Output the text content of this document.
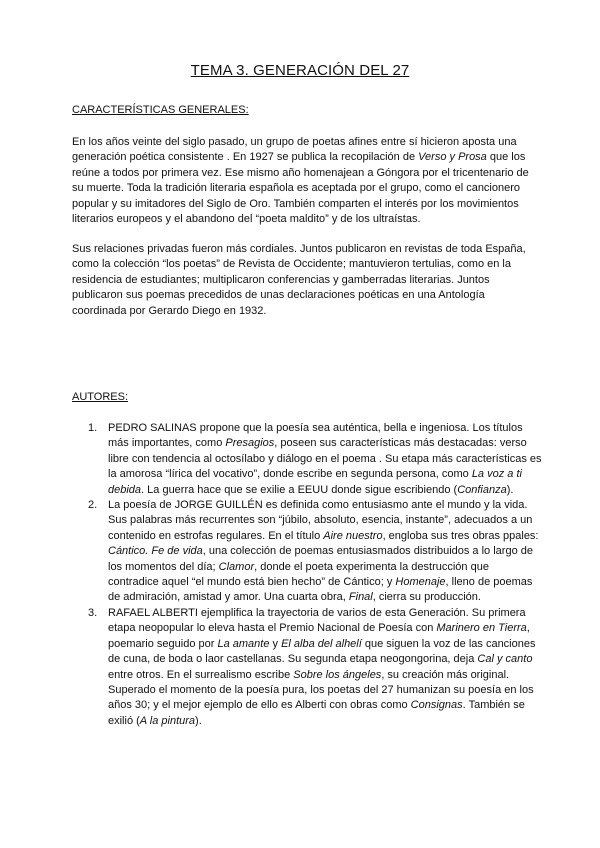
TEMA 3. GENERACIÓN DEL 27
CARACTERÍSTICAS GENERALES:

En los años veinte del siglo pasado, un grupo de poetas afines entre sí hicieron aposta una generación poética consistente . En 1927 se publica la recopilación de Verso y Prosa que los reúne a todos por primera vez. Ese mismo año homenajean a Góngora por el tricentenario de su muerte. Toda la tradición literaria española es aceptada por el grupo, como el cancionero popular y su imitadores del Siglo de Oro. También comparten el interés por los movimientos literarios europeos y el abandono del “poeta maldito” y de los ultraístas.

Sus relaciones privadas fueron más cordiales. Juntos publicaron en revistas de toda España, como la colección “los poetas” de Revista de Occidente; mantuvieron tertulias, como en la residencia de estudiantes; multiplicaron conferencias y gamberradas literarias. Juntos publicaron sus poemas precedidos de unas declaraciones poéticas en una Antología coordinada por Gerardo Diego en 1932.

AUTORES:
1. PEDRO SALINAS propone que la poesía sea auténtica, bella e ingeniosa. Los títulos más importantes, como Presagios, poseen sus características más destacadas: verso libre con tendencia al octosílabo y diálogo en el poema . Su etapa más características es la amorosa “lírica del vocativo”, donde escribe en segunda persona, como La voz a ti debida. La guerra hace que se exilie a EEUU donde sigue escribiendo (Confianza).
2. La poesía de JORGE GUILLÉN es definida como entusiasmo ante el mundo y la vida. Sus palabras más recurrentes son “júbilo, absoluto, esencia, instante”, adecuados a un contenido en estrofas regulares. En el título Aire nuestro, engloba sus tres obras ppales: Cántico. Fe de vida, una colección de poemas entusiasmados distribuidos a lo largo de los momentos del día; Clamor, donde el poeta experimenta la destrucción que contradice aquel “el mundo está bien hecho” de Cántico; y Homenaje, lleno de poemas de admiración, amistad y amor. Una cuarta obra, Final, cierra su producción.
3. RAFAEL ALBERTI ejemplifica la trayectoria de varios de esta Generación. Su primera etapa neopopular lo eleva hasta el Premio Nacional de Poesía con Marinero en Tierra, poemario seguido por La amante y El alba del alhelí que siguen la voz de las canciones de cuna, de boda o laor castellanas. Su segunda etapa neogongorina, deja Cal y canto entre otros. En el surrealismo escribe Sobre los ángeles, su creación más original. Superado el momento de la poesía pura, los poetas del 27 humanizan su poesía en los años 30; y el mejor ejemplo de ello es Alberti con obras como Consignas. También se exilió (A la pintura).
